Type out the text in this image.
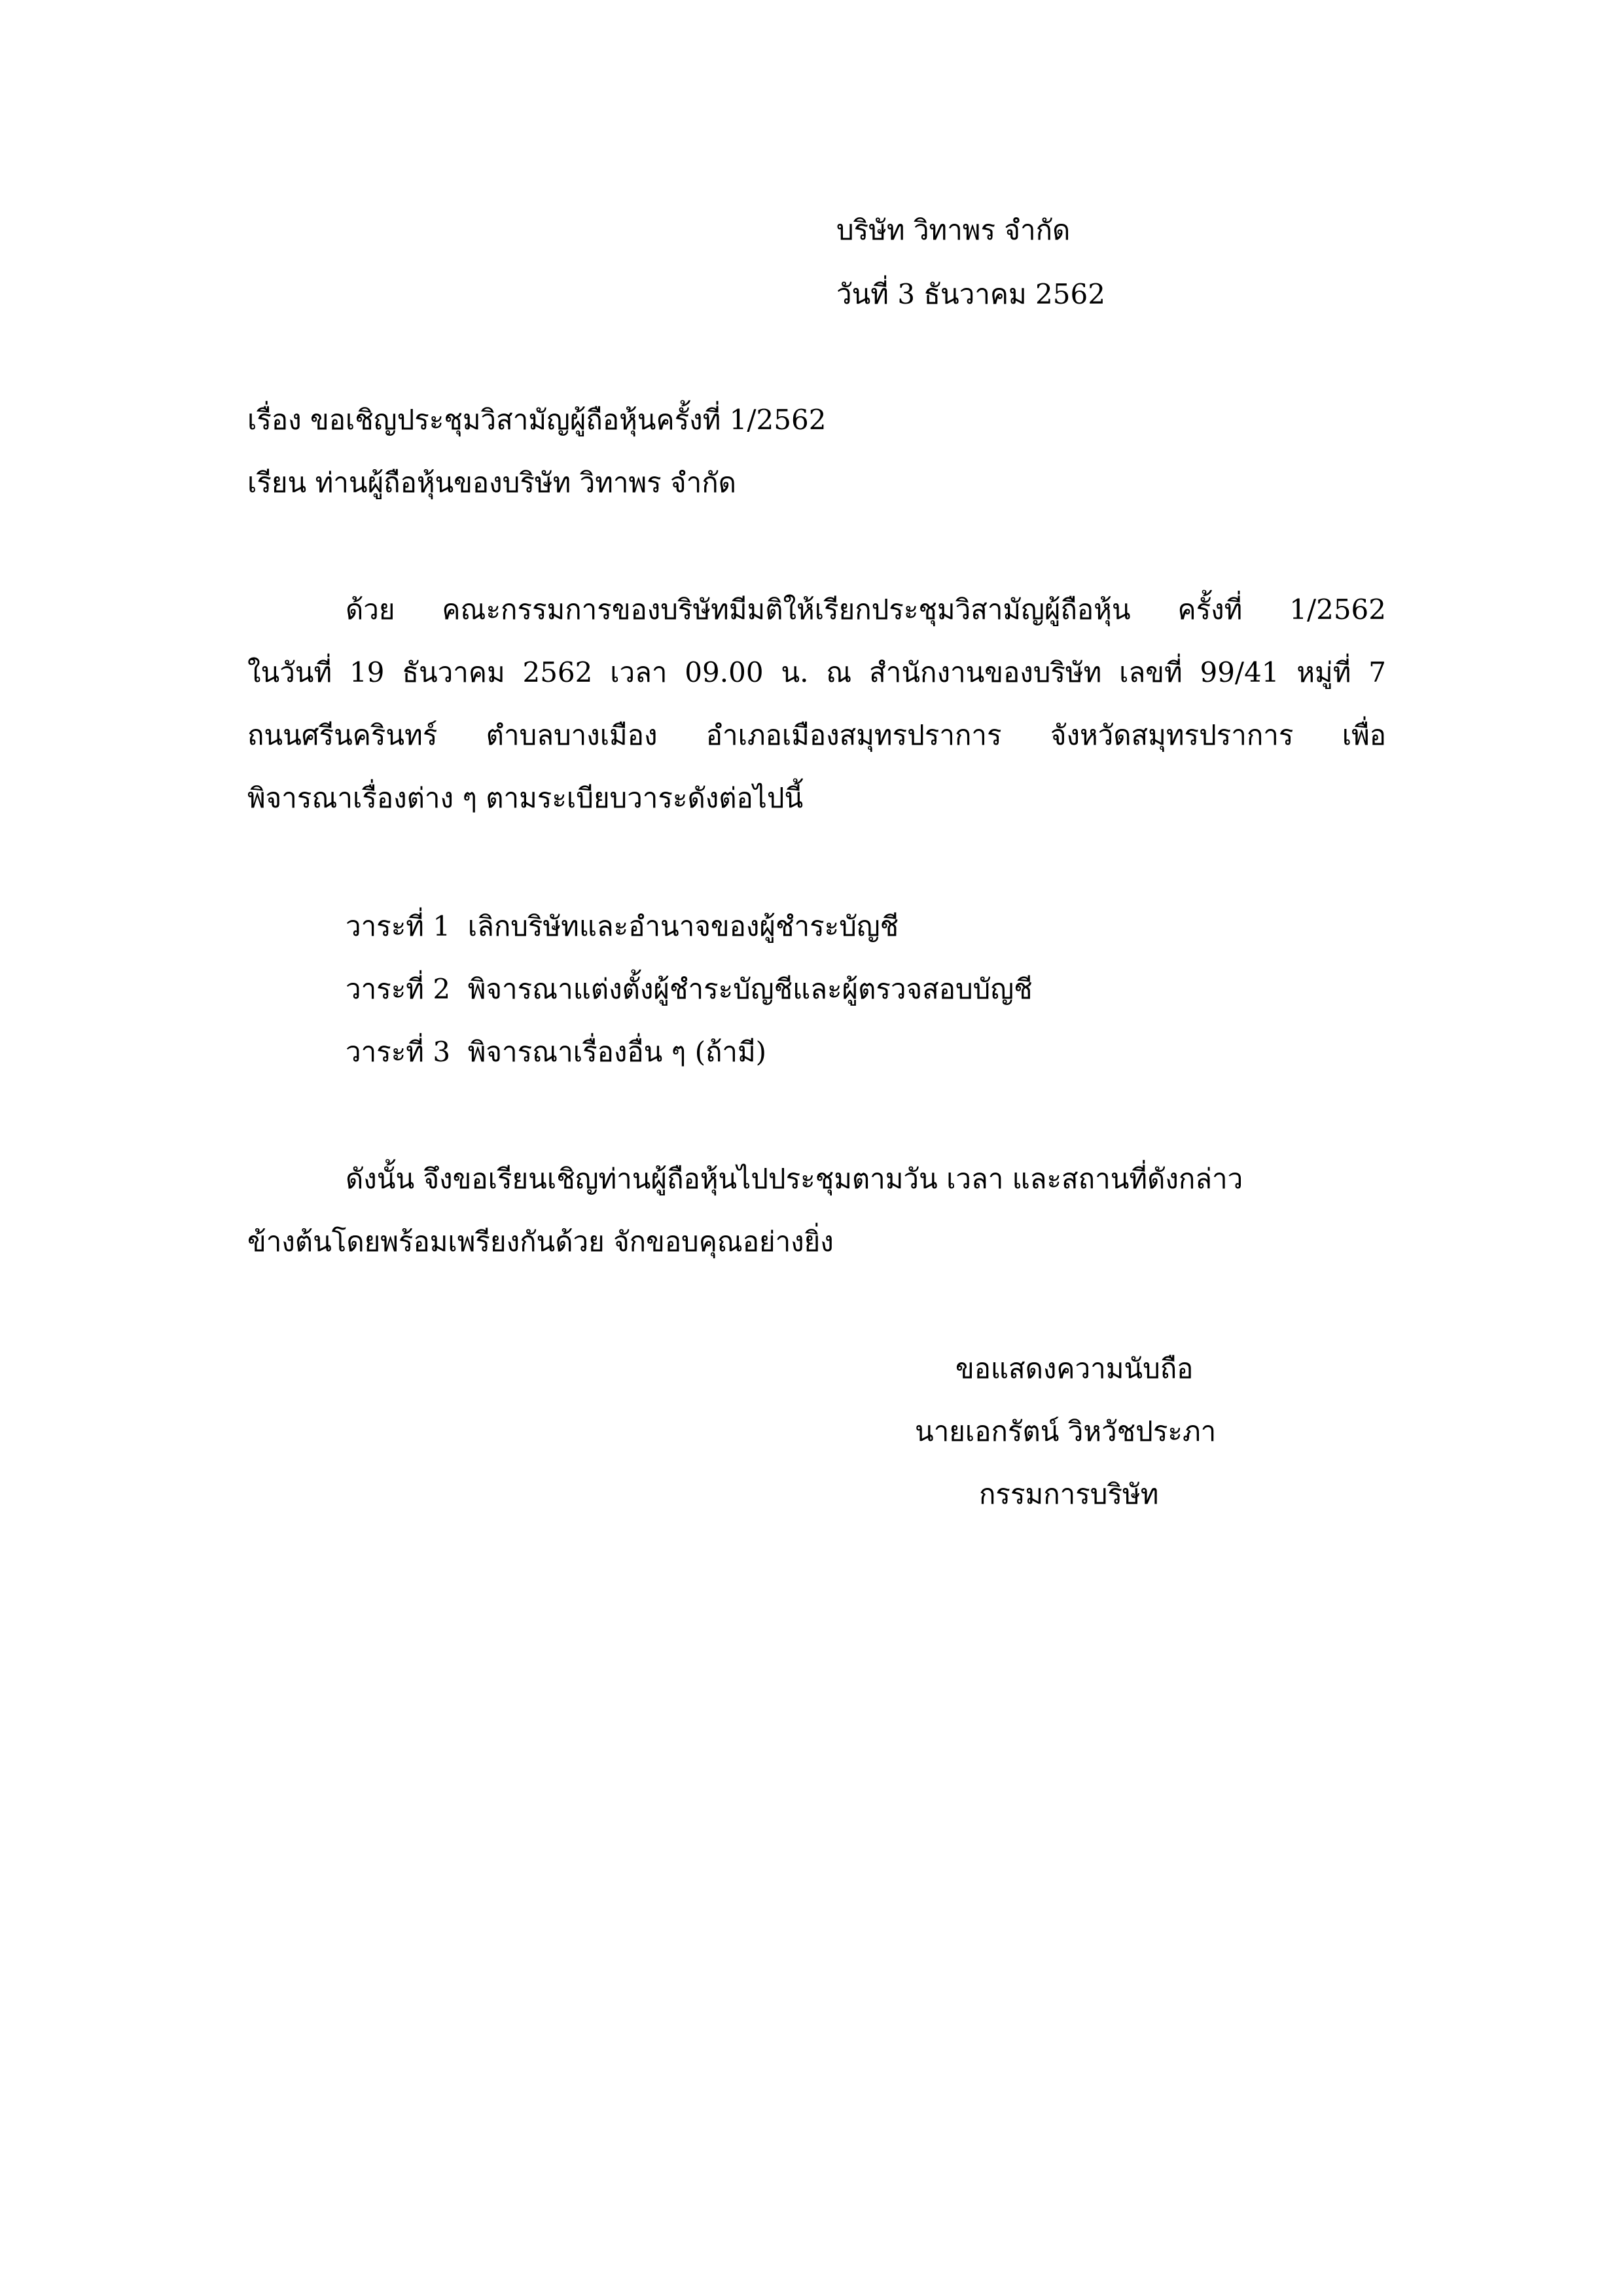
บริษัท วิทาพร จำกัด
วันที่ 3 ธันวาคม 2562
เรื่อง ขอเชิญประชุมวิสามัญผู้ถือหุ้นครั้งที่ 1/2562
เรียน ท่านผู้ถือหุ้นของบริษัท วิทาพร จำกัด
ด้วย คณะกรรมการของบริษัทมีมติให้เรียกประชุมวิสามัญผู้ถือหุ้น ครั้งที่ 1/2562
ในวันที่ 19 ธันวาคม 2562 เวลา 09.00 น. ณ สำนักงานของบริษัท เลขที่ 99/41 หมู่ที่ 7
ถนนศรีนครินทร์ ตำบลบางเมือง อำเภอเมืองสมุทรปราการ จังหวัดสมุทรปราการ เพื่อ
พิจารณาเรื่องต่าง ๆ ตามระเบียบวาระดังต่อไปนี้
วาระที่ 1  เลิกบริษัทและอำนาจของผู้ชำระบัญชี
วาระที่ 2  พิจารณาแต่งตั้งผู้ชำระบัญชีและผู้ตรวจสอบบัญชี
วาระที่ 3  พิจารณาเรื่องอื่น ๆ (ถ้ามี)
ดังนั้น จึงขอเรียนเชิญท่านผู้ถือหุ้นไปประชุมตามวัน เวลา และสถานที่ดังกล่าว
ข้างต้นโดยพร้อมเพรียงกันด้วย จักขอบคุณอย่างยิ่ง
ขอแสดงความนับถือ
นายเอกรัตน์ วิหวัชประภา
กรรมการบริษัท
